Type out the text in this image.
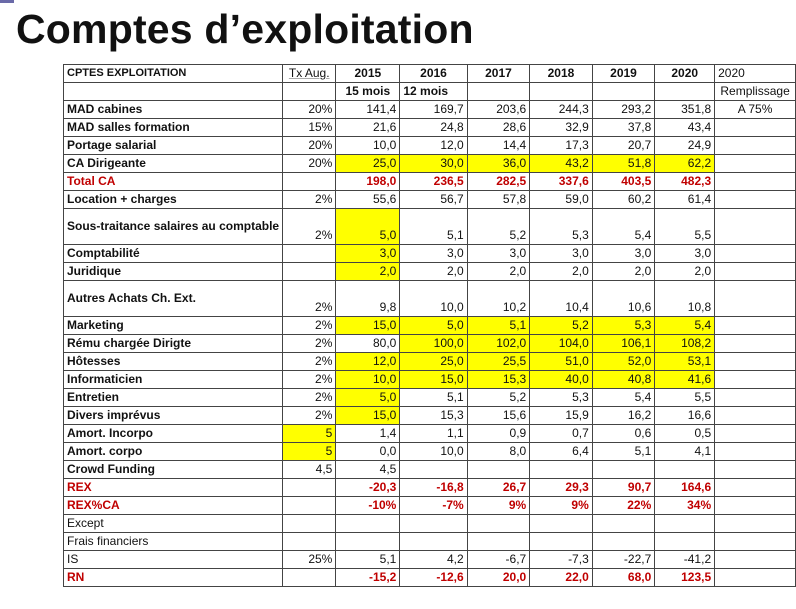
Comptes d’exploitation
CPTES EXPLOITATION	Tx Aug.	2015	2016	2017	2018	2019	2020	2020
		15 mois	12 mois					Remplissage
MAD cabines	20%	141,4	169,7	203,6	244,3	293,2	351,8	A 75%
MAD salles formation	15%	21,6	24,8	28,6	32,9	37,8	43,4	
Portage salarial	20%	10,0	12,0	14,4	17,3	20,7	24,9	
CA Dirigeante	20%	25,0	30,0	36,0	43,2	51,8	62,2	
Total CA		198,0	236,5	282,5	337,6	403,5	482,3	
Location + charges	2%	55,6	56,7	57,8	59,0	60,2	61,4	
Sous-traitance salaires au comptable	2%	5,0	5,1	5,2	5,3	5,4	5,5	
Comptabilité		3,0	3,0	3,0	3,0	3,0	3,0	
Juridique		2,0	2,0	2,0	2,0	2,0	2,0	
Autres Achats Ch. Ext.	2%	9,8	10,0	10,2	10,4	10,6	10,8	
Marketing	2%	15,0	5,0	5,1	5,2	5,3	5,4	
Rému chargée Dirigte	2%	80,0	100,0	102,0	104,0	106,1	108,2	
Hôtesses	2%	12,0	25,0	25,5	51,0	52,0	53,1	
Informaticien	2%	10,0	15,0	15,3	40,0	40,8	41,6	
Entretien	2%	5,0	5,1	5,2	5,3	5,4	5,5	
Divers imprévus	2%	15,0	15,3	15,6	15,9	16,2	16,6	
Amort. Incorpo	5	1,4	1,1	0,9	0,7	0,6	0,5	
Amort. corpo	5	0,0	10,0	8,0	6,4	5,1	4,1	
Crowd Funding	4,5	4,5						
REX		-20,3	-16,8	26,7	29,3	90,7	164,6	
REX%CA		-10%	-7%	9%	9%	22%	34%	
Except								
Frais financiers								
IS	25%	5,1	4,2	-6,7	-7,3	-22,7	-41,2	
RN		-15,2	-12,6	20,0	22,0	68,0	123,5	
